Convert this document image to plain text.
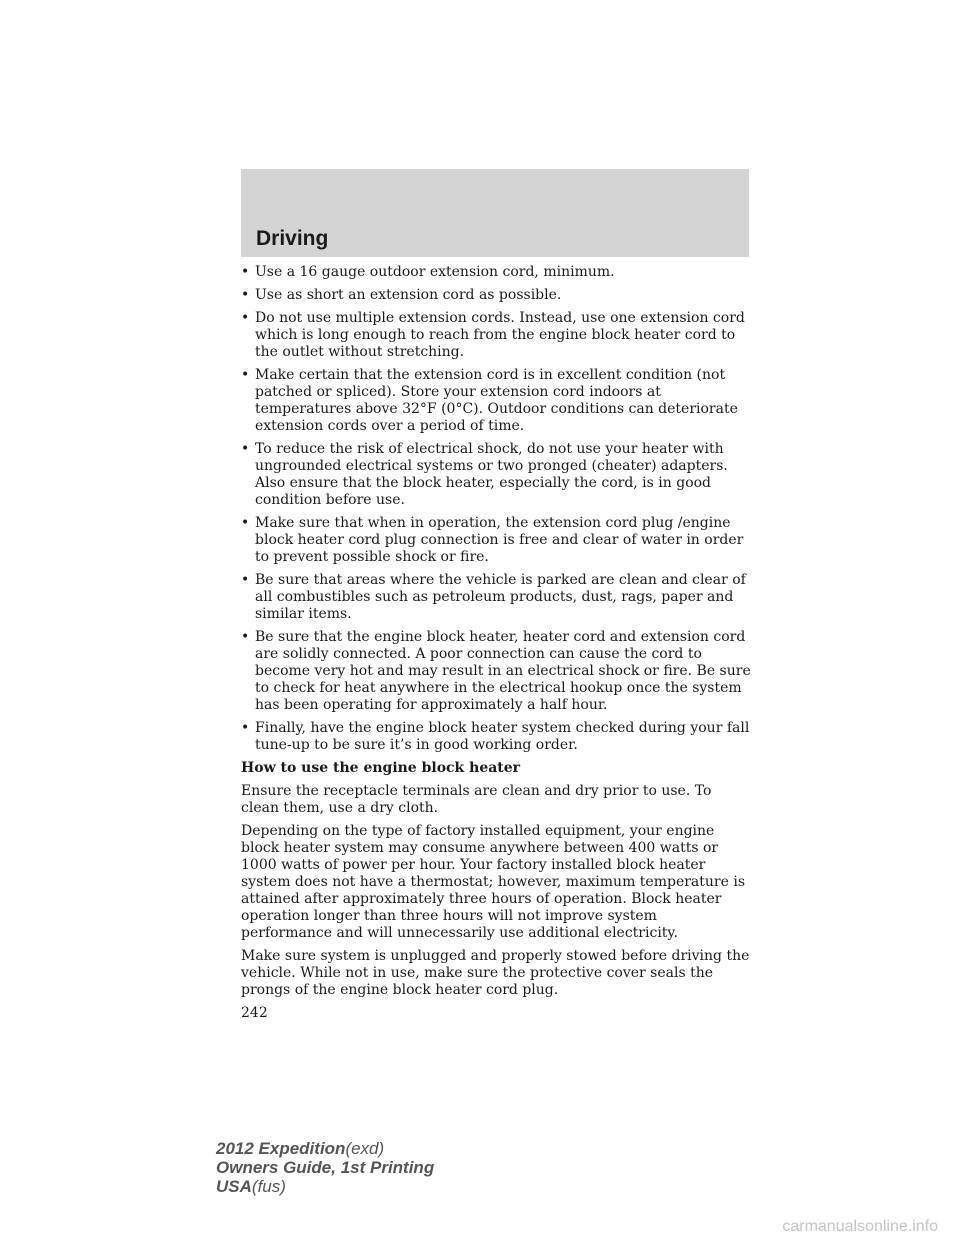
Driving
• Use a 16 gauge outdoor extension cord, minimum.
• Use as short an extension cord as possible.
• Do not use multiple extension cords. Instead, use one extension cord which is long enough to reach from the engine block heater cord to the outlet without stretching.
• Make certain that the extension cord is in excellent condition (not patched or spliced). Store your extension cord indoors at temperatures above 32°F (0°C). Outdoor conditions can deteriorate extension cords over a period of time.
• To reduce the risk of electrical shock, do not use your heater with ungrounded electrical systems or two pronged (cheater) adapters. Also ensure that the block heater, especially the cord, is in good condition before use.
• Make sure that when in operation, the extension cord plug /engine block heater cord plug connection is free and clear of water in order to prevent possible shock or fire.
• Be sure that areas where the vehicle is parked are clean and clear of all combustibles such as petroleum products, dust, rags, paper and similar items.
• Be sure that the engine block heater, heater cord and extension cord are solidly connected. A poor connection can cause the cord to become very hot and may result in an electrical shock or fire. Be sure to check for heat anywhere in the electrical hookup once the system has been operating for approximately a half hour.
• Finally, have the engine block heater system checked during your fall tune-up to be sure it’s in good working order.

How to use the engine block heater

Ensure the receptacle terminals are clean and dry prior to use. To clean them, use a dry cloth.

Depending on the type of factory installed equipment, your engine block heater system may consume anywhere between 400 watts or 1000 watts of power per hour. Your factory installed block heater system does not have a thermostat; however, maximum temperature is attained after approximately three hours of operation. Block heater operation longer than three hours will not improve system performance and will unnecessarily use additional electricity.

Make sure system is unplugged and properly stowed before driving the vehicle. While not in use, make sure the protective cover seals the prongs of the engine block heater cord plug.

242

2012 Expedition(exd)
Owners Guide, 1st Printing
USA(fus)
carmanualsonline.info
